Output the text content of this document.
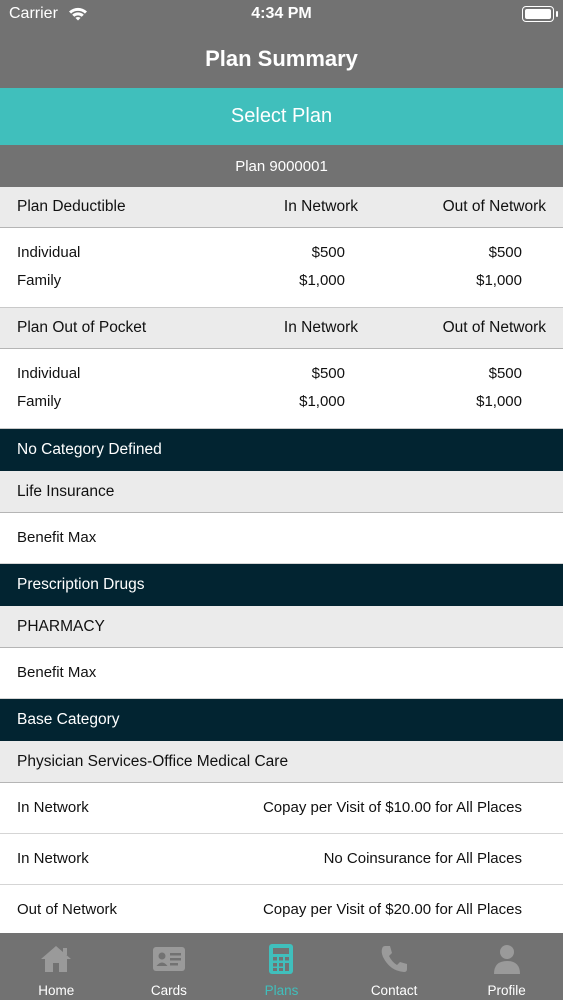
Carrier	4:34 PM
Plan Summary
Select Plan
Plan 9000001
Plan Deductible	In Network	Out of Network
Individual	$500	$500
Family	$1,000	$1,000
Plan Out of Pocket	In Network	Out of Network
Individual	$500	$500
Family	$1,000	$1,000
No Category Defined
Life Insurance
Benefit Max
Prescription Drugs
PHARMACY
Benefit Max
Base Category
Physician Services-Office Medical Care
In Network	Copay per Visit of $10.00 for All Places
In Network	No Coinsurance for All Places
Out of Network	Copay per Visit of $20.00 for All Places
Home	Cards	Plans	Contact	Profile
